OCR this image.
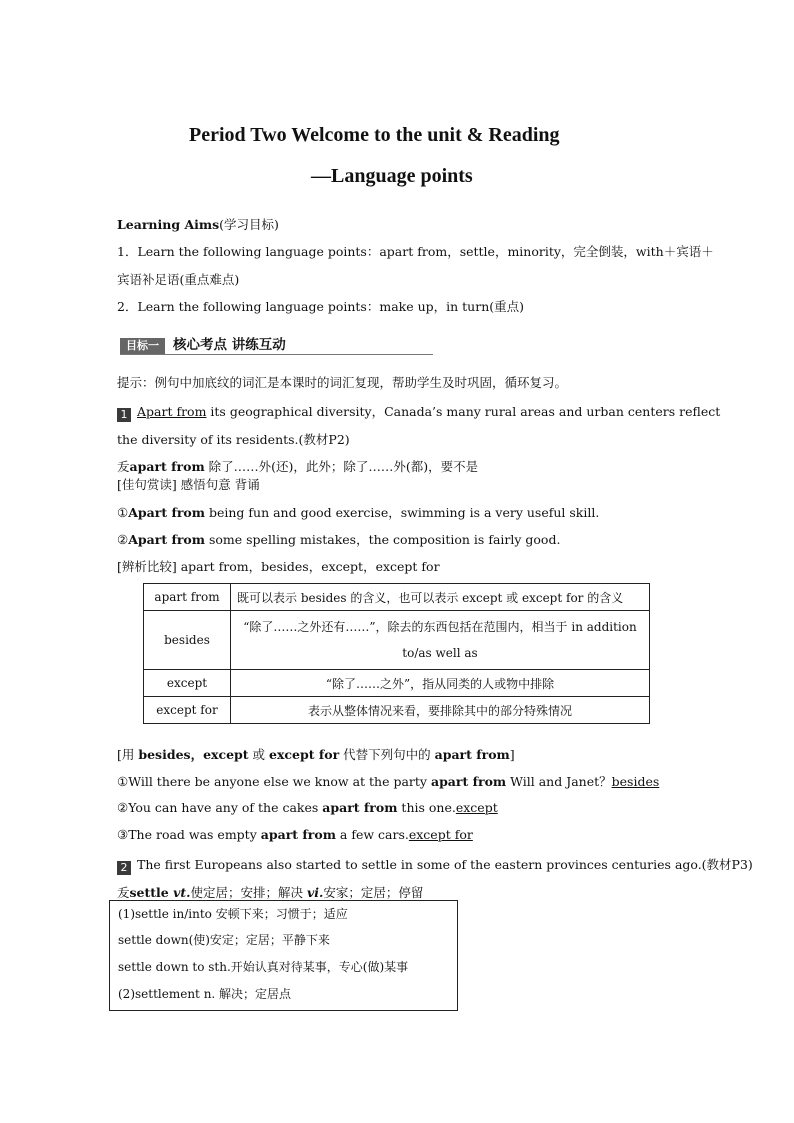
Period Two Welcome to the unit & Reading
—Language points
Learning Aims(学习目标)
1．Learn the following language points：apart from，settle，minority，完全倒装，with＋宾语＋
宾语补足语(重点难点)
2．Learn the following language points：make up，in turn(重点)
目标一 核心考点 讲练互动
提示：例句中加底纹的词汇是本课时的词汇复现，帮助学生及时巩固，循环复习。
1 Apart from its geographical diversity，Canada’s many rural areas and urban centers reflect
the diversity of its residents.(教材P2)
叐apart from 除了……外(还)，此外；除了……外(都)，要不是
[佳句赏读] 感悟句意 背诵
①Apart from being fun and good exercise，swimming is a very useful skill.
②Apart from some spelling mistakes，the composition is fairly good.
[辨析比较] apart from，besides，except，except for
apart from	既可以表示 besides 的含义，也可以表示 except 或 except for 的含义
besides	“除了……之外还有……”，除去的东西包括在范围内，相当于 in addition to/as well as
except	“除了……之外”，指从同类的人或物中排除
except for	表示从整体情况来看，要排除其中的部分特殊情况
[用 besides，except 或 except for 代替下列句中的 apart from]
①Will there be anyone else we know at the party apart from Will and Janet？besides
②You can have any of the cakes apart from this one.except
③The road was empty apart from a few cars.except for
2 The first Europeans also started to settle in some of the eastern provinces centuries ago.(教材P3)
叐settle vt.使定居；安排；解决 vi.安家；定居；停留
(1)settle in/into 安顿下来；习惯于；适应
settle down(使)安定；定居；平静下来
settle down to sth.开始认真对待某事，专心(做)某事
(2)settlement n. 解决；定居点
